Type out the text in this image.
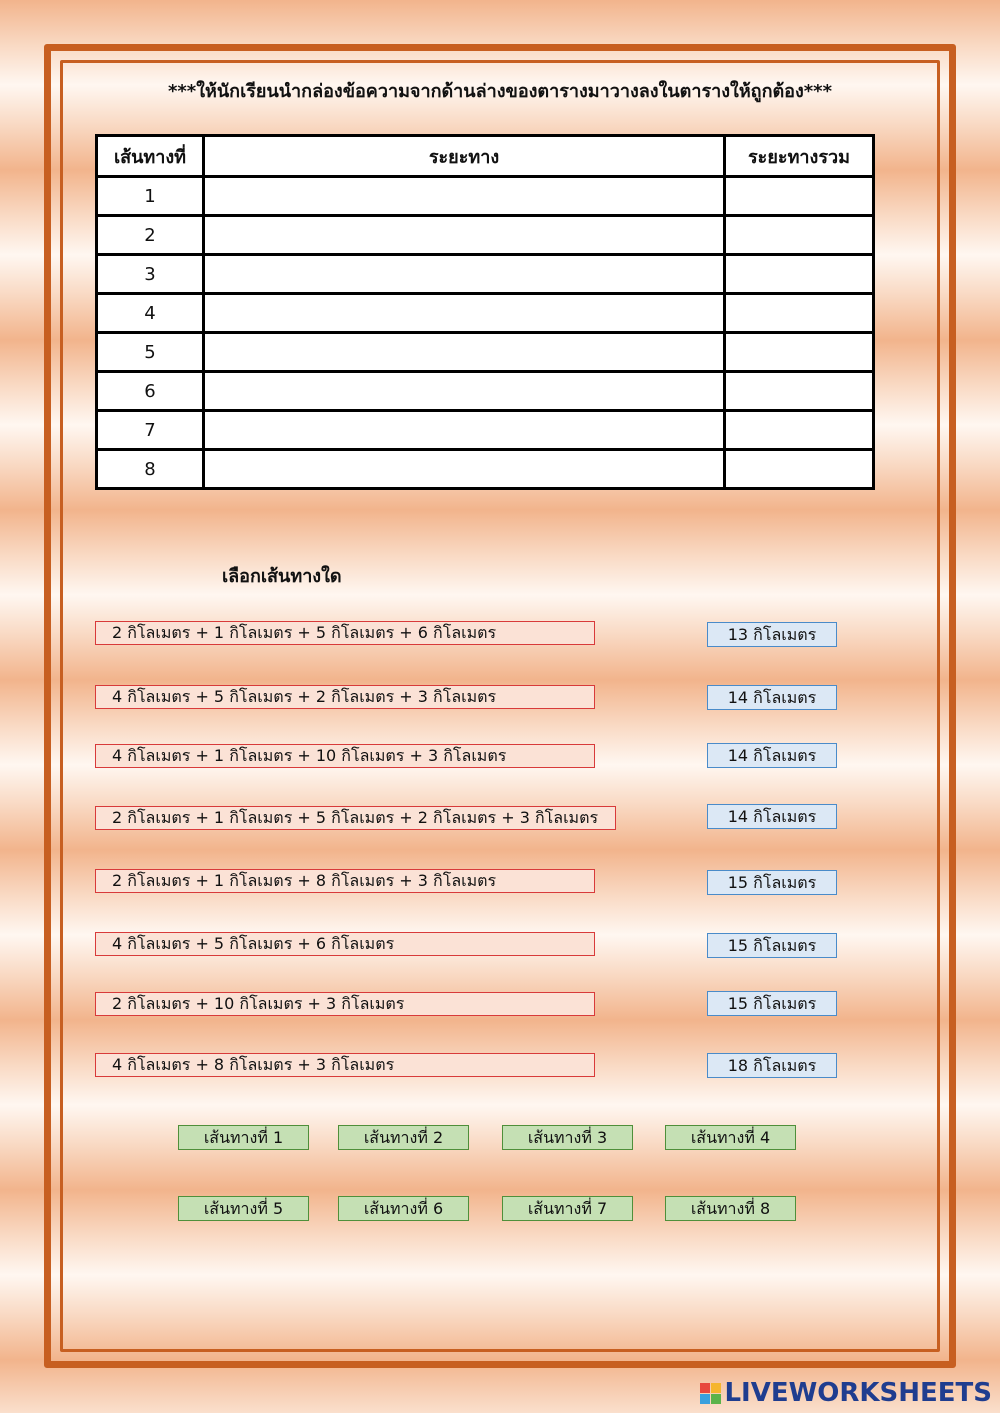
***ให้นักเรียนนำกล่องข้อความจากด้านล่างของตารางมาวางลงในตารางให้ถูกต้อง***
เส้นทางที่	ระยะทาง	ระยะทางรวม
1		
2		
3		
4		
5		
6		
7		
8		
เลือกเส้นทางใด
2 กิโลเมตร + 1 กิโลเมตร + 5 กิโลเมตร + 6 กิโลเมตร
4 กิโลเมตร + 5 กิโลเมตร + 2 กิโลเมตร + 3 กิโลเมตร
4 กิโลเมตร + 1 กิโลเมตร + 10 กิโลเมตร + 3 กิโลเมตร
2 กิโลเมตร + 1 กิโลเมตร + 5 กิโลเมตร + 2 กิโลเมตร + 3 กิโลเมตร
2 กิโลเมตร + 1 กิโลเมตร + 8 กิโลเมตร + 3 กิโลเมตร
4 กิโลเมตร + 5 กิโลเมตร + 6 กิโลเมตร
2 กิโลเมตร + 10 กิโลเมตร + 3 กิโลเมตร
4 กิโลเมตร + 8 กิโลเมตร + 3 กิโลเมตร
13 กิโลเมตร
14 กิโลเมตร
14 กิโลเมตร
14 กิโลเมตร
15 กิโลเมตร
15 กิโลเมตร
15 กิโลเมตร
18 กิโลเมตร
เส้นทางที่ 1	เส้นทางที่ 2	เส้นทางที่ 3	เส้นทางที่ 4
เส้นทางที่ 5	เส้นทางที่ 6	เส้นทางที่ 7	เส้นทางที่ 8
LIVEWORKSHEETS
